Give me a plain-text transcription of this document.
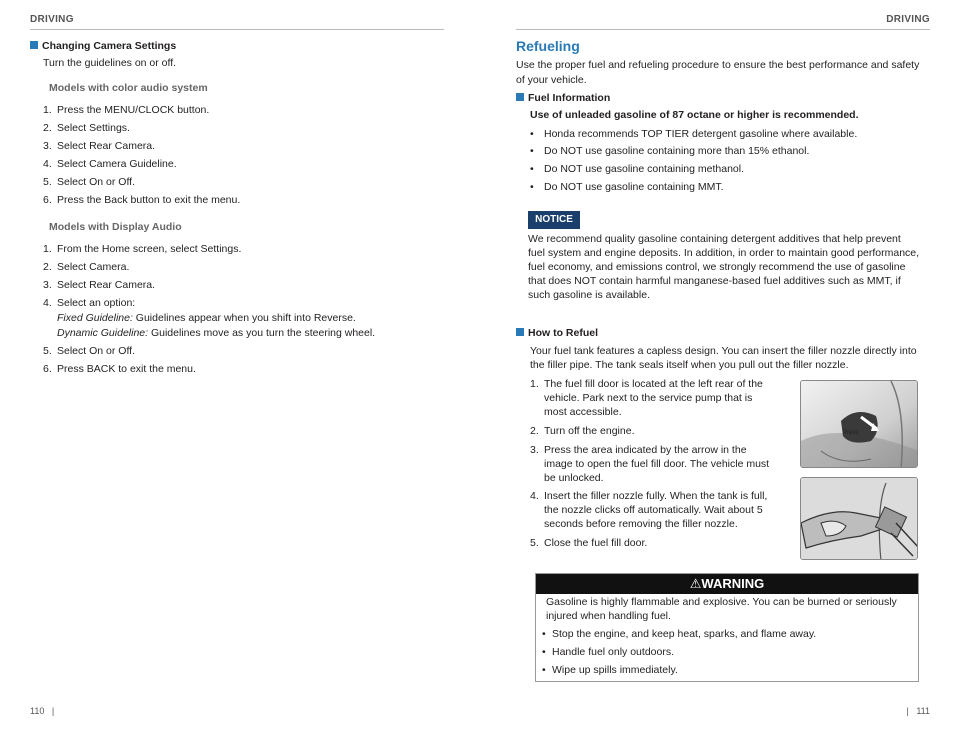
DRIVING
Changing Camera Settings
Turn the guidelines on or off.
Models with color audio system
1. Press the MENU/CLOCK button.
2. Select Settings.
3. Select Rear Camera.
4. Select Camera Guideline.
5. Select On or Off.
6. Press the Back button to exit the menu.
Models with Display Audio
1. From the Home screen, select Settings.
2. Select Camera.
3. Select Rear Camera.
4. Select an option:
Fixed Guideline: Guidelines appear when you shift into Reverse.
Dynamic Guideline: Guidelines move as you turn the steering wheel.
5. Select On or Off.
6. Press BACK to exit the menu.
110   |
DRIVING
Refueling
Use the proper fuel and refueling procedure to ensure the best performance and safety
of your vehicle.
Fuel Information
Use of unleaded gasoline of 87 octane or higher is recommended.
• Honda recommends TOP TIER detergent gasoline where available.
• Do NOT use gasoline containing more than 15% ethanol.
• Do NOT use gasoline containing methanol.
• Do NOT use gasoline containing MMT.
NOTICE
We recommend quality gasoline containing detergent additives that help prevent
fuel system and engine deposits. In addition, in order to maintain good performance,
fuel economy, and emissions control, we strongly recommend the use of gasoline
that does NOT contain harmful manganese-based fuel additives such as MMT, if
such gasoline is available.
How to Refuel
Your fuel tank features a capless design. You can insert the filler nozzle directly into
the filler pipe. The tank seals itself when you pull out the filler nozzle.
1. The fuel fill door is located at the left rear of the
vehicle. Park next to the service pump that is
most accessible.
2. Turn off the engine.
3. Press the area indicated by the arrow in the
image to open the fuel fill door. The vehicle must
be unlocked.
4. Insert the filler nozzle fully. When the tank is full,
the nozzle clicks off automatically. Wait about 5
seconds before removing the filler nozzle.
5. Close the fuel fill door.
Press
⚠WARNING
Gasoline is highly flammable and explosive. You can be burned or seriously
injured when handling fuel.
• Stop the engine, and keep heat, sparks, and flame away.
• Handle fuel only outdoors.
• Wipe up spills immediately.
|   111
